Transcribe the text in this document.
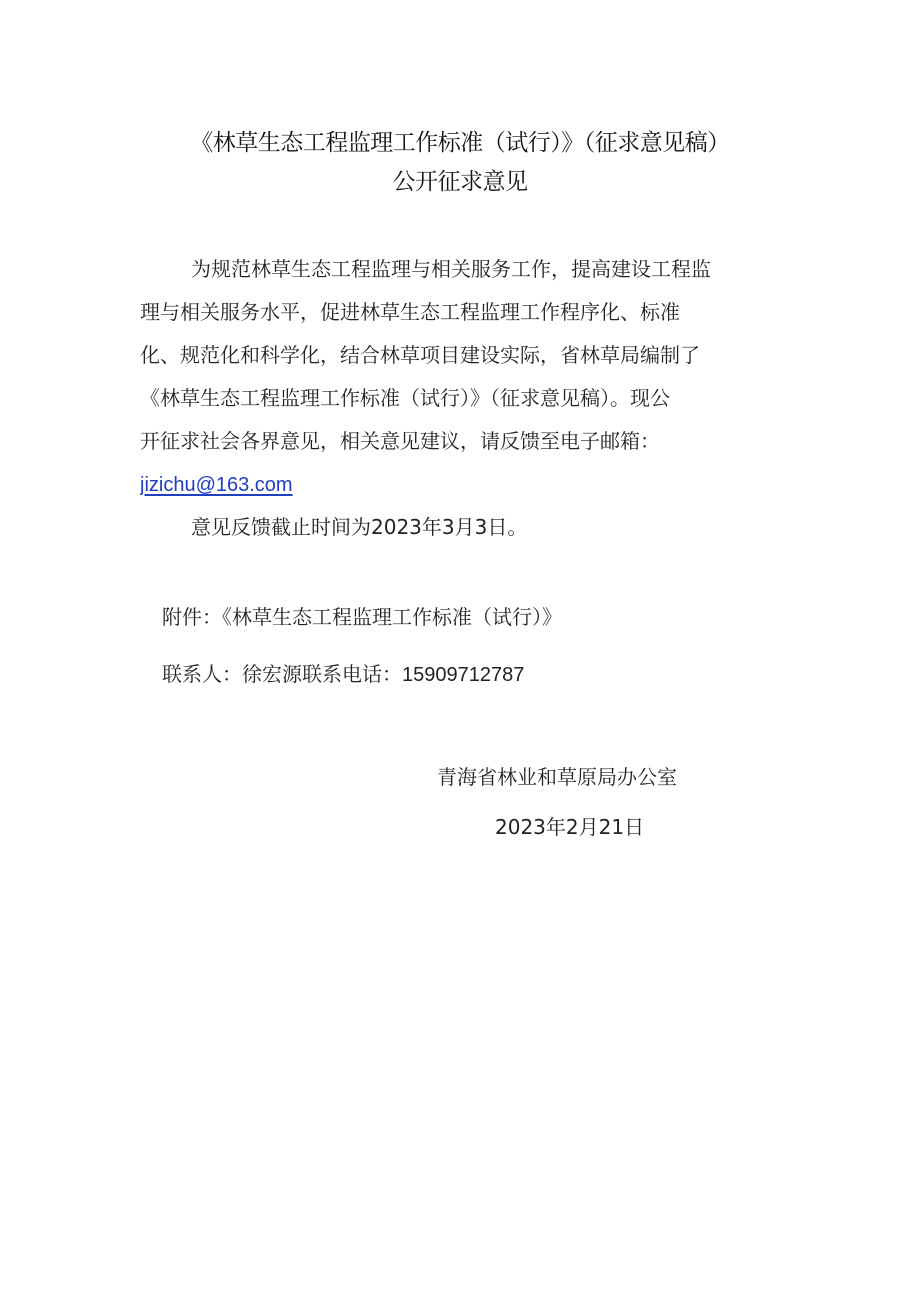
《林草生态工程监理工作标准（试行）》（征求意见稿）
公开征求意见
为规范林草生态工程监理与相关服务工作，提高建设工程监
理与相关服务水平，促进林草生态工程监理工作程序化、标准
化、规范化和科学化，结合林草项目建设实际，省林草局编制了
《林草生态工程监理工作标准（试行）》（征求意见稿）。现公
开征求社会各界意见，相关意见建议，请反馈至电子邮箱：
jizichu@163.com
意见反馈截止时间为2023年3月3日。
附件：《林草生态工程监理工作标准（试行）》
联系人：徐宏源联系电话：15909712787
青海省林业和草原局办公室
2023年2月21日
